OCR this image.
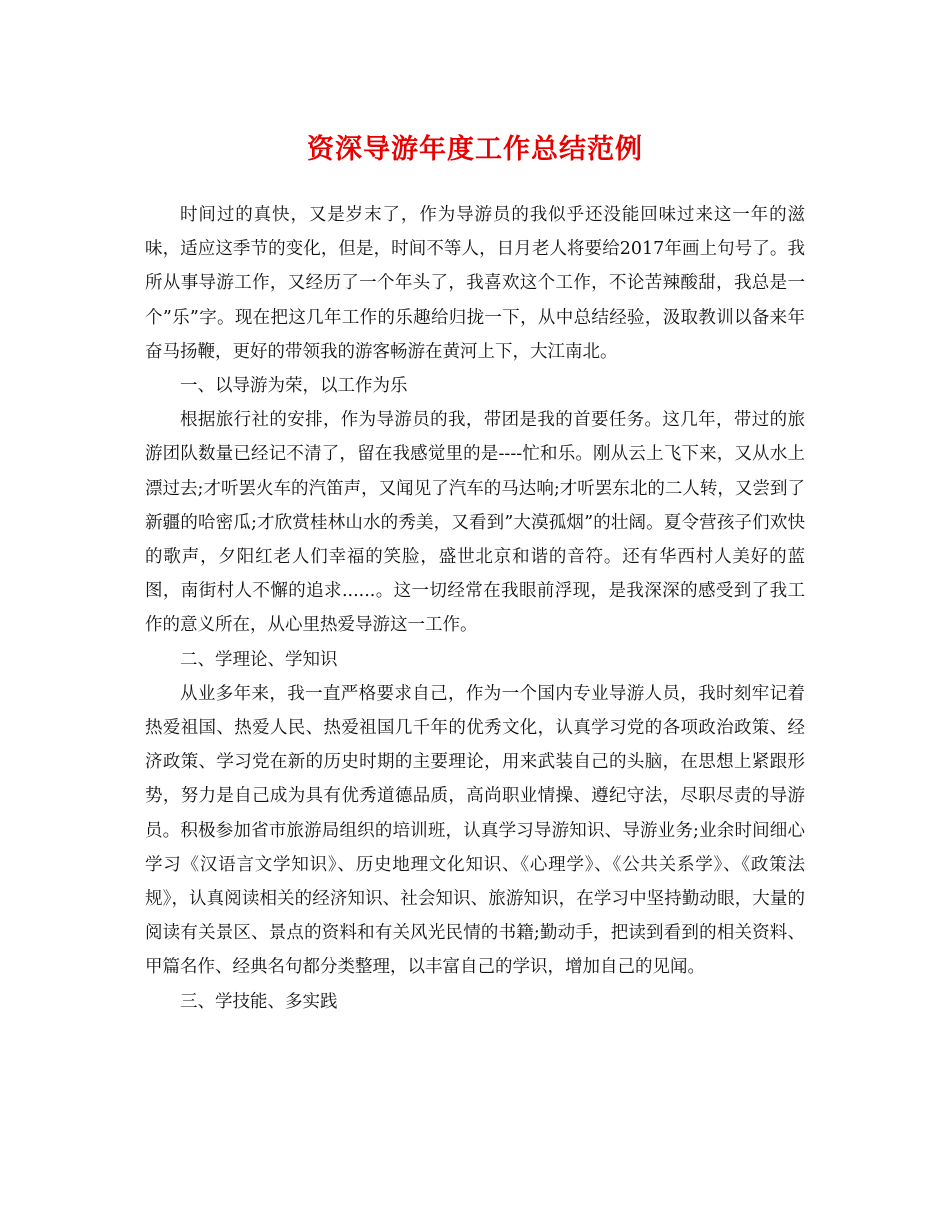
资深导游年度工作总结范例

时间过的真快，又是岁末了，作为导游员的我似乎还没能回味过来这一年的滋味，适应这季节的变化，但是，时间不等人，日月老人将要给2017年画上句号了。我所从事导游工作，又经历了一个年头了，我喜欢这个工作，不论苦辣酸甜，我总是一个”乐”字。现在把这几年工作的乐趣给归拢一下，从中总结经验，汲取教训以备来年奋马扬鞭，更好的带领我的游客畅游在黄河上下，大江南北。

一、以导游为荣，以工作为乐

根据旅行社的安排，作为导游员的我，带团是我的首要任务。这几年，带过的旅游团队数量已经记不清了，留在我感觉里的是----忙和乐。刚从云上飞下来，又从水上漂过去;才听罢火车的汽笛声，又闻见了汽车的马达响;才听罢东北的二人转，又尝到了新疆的哈密瓜;才欣赏桂林山水的秀美，又看到”大漠孤烟”的壮阔。夏令营孩子们欢快的歌声，夕阳红老人们幸福的笑脸，盛世北京和谐的音符。还有华西村人美好的蓝图，南街村人不懈的追求......。这一切经常在我眼前浮现，是我深深的感受到了我工作的意义所在，从心里热爱导游这一工作。

二、学理论、学知识

从业多年来，我一直严格要求自己，作为一个国内专业导游人员，我时刻牢记着热爱祖国、热爱人民、热爱祖国几千年的优秀文化，认真学习党的各项政治政策、经济政策、学习党在新的历史时期的主要理论，用来武装自己的头脑，在思想上紧跟形势，努力是自己成为具有优秀道德品质，高尚职业情操、遵纪守法，尽职尽责的导游员。积极参加省市旅游局组织的培训班，认真学习导游知识、导游业务;业余时间细心学习《汉语言文学知识》、历史地理文化知识、《心理学》、《公共关系学》、《政策法规》，认真阅读相关的经济知识、社会知识、旅游知识，在学习中坚持勤动眼，大量的阅读有关景区、景点的资料和有关风光民情的书籍;勤动手，把读到看到的相关资料、甲篇名作、经典名句都分类整理，以丰富自己的学识，增加自己的见闻。

三、学技能、多实践
